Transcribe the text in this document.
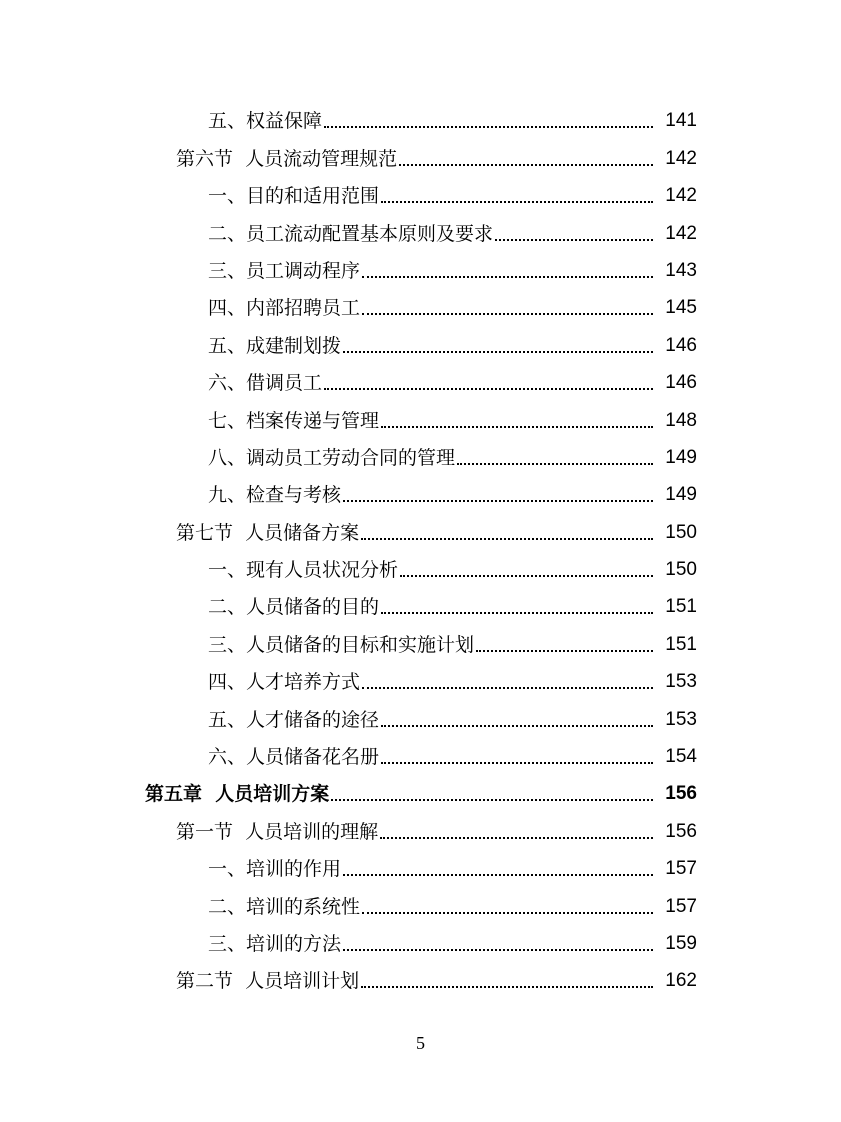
五、权益保障	141
第六节  人员流动管理规范	142
一、目的和适用范围	142
二、员工流动配置基本原则及要求	142
三、员工调动程序	143
四、内部招聘员工	145
五、成建制划拨	146
六、借调员工	146
七、档案传递与管理	148
八、调动员工劳动合同的管理	149
九、检查与考核	149
第七节  人员储备方案	150
一、现有人员状况分析	150
二、人员储备的目的	151
三、人员储备的目标和实施计划	151
四、人才培养方式	153
五、人才储备的途径	153
六、人员储备花名册	154
第五章  人员培训方案	156
第一节  人员培训的理解	156
一、培训的作用	157
二、培训的系统性	157
三、培训的方法	159
第二节  人员培训计划	162
5
